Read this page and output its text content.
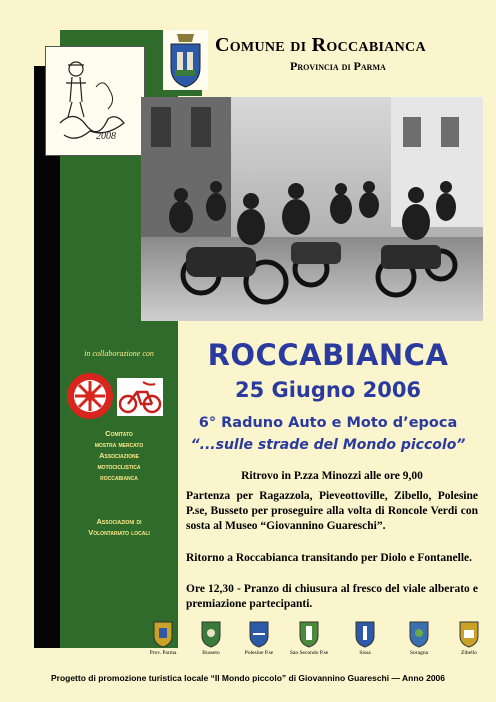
2008
Comune di Roccabianca
Provincia di Parma
in collaborazione con
Comitato
mostra mercato
Associazione
motociclistica
roccabianca
Associazioni di
Volontariato locali
ROCCABIANCA
25 Giugno 2006
6° Raduno Auto e Moto d’epoca
“...sulle strade del Mondo piccolo”
Ritrovo in P.zza Minozzi alle ore 9,00
Partenza per Ragazzola, Pieveottoville, Zibello, Polesine P.se, Busseto per proseguire alla volta di Roncole Verdi con sosta al Museo “Giovannino Guareschi”.
Ritorno a Roccabianca transitando per Diolo e Fontanelle.
Ore 12,30 - Pranzo di chiusura al fresco del viale alberato e premiazione partecipanti.
Prov. Parma	Busseto	Polesine P.se	San Secondo P.se	Sissa	Soragna	Zibello
Progetto di promozione turistica locale “Il Mondo piccolo” di Giovannino Guareschi — Anno 2006
